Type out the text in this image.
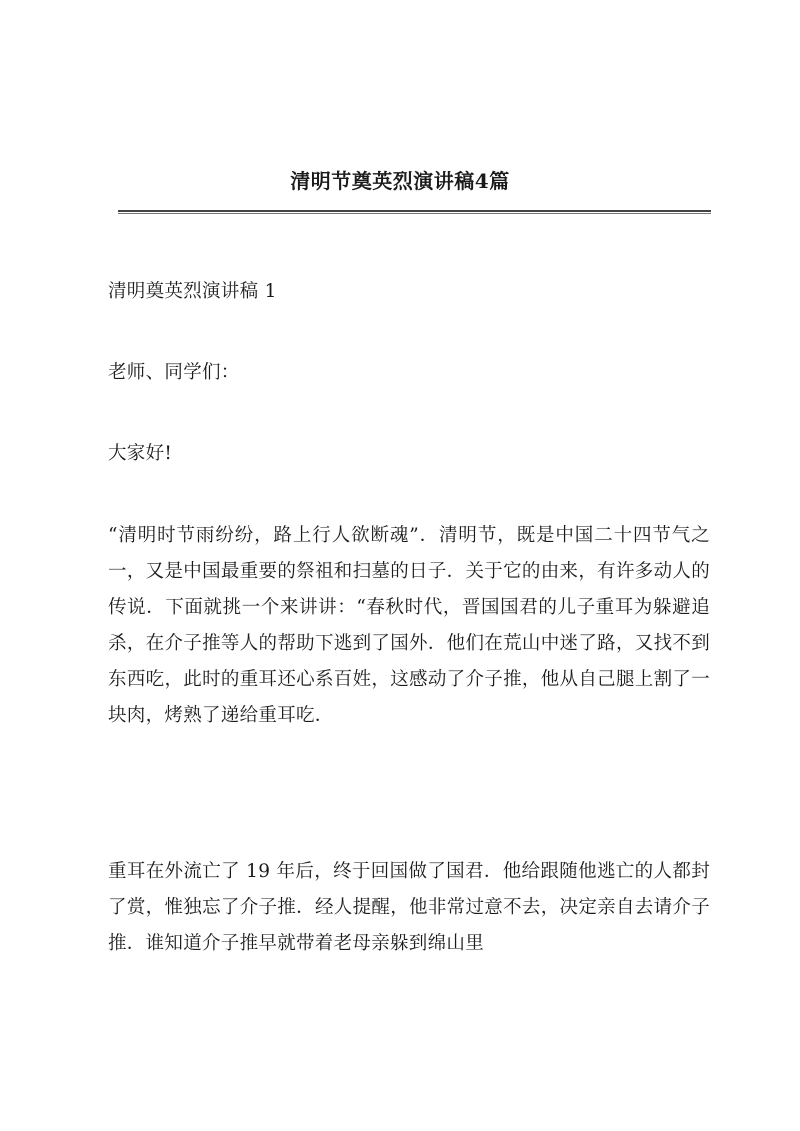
清明节奠英烈演讲稿4篇
清明奠英烈演讲稿 1
老师、同学们：
大家好!
“清明时节雨纷纷，路上行人欲断魂”．清明节，既是中国二十四节气之一，又是中国最重要的祭祖和扫墓的日子．关于它的由来，有许多动人的传说．下面就挑一个来讲讲：“春秋时代，晋国国君的儿子重耳为躲避追杀，在介子推等人的帮助下逃到了国外．他们在荒山中迷了路，又找不到东西吃，此时的重耳还心系百姓，这感动了介子推，他从自己腿上割了一块肉，烤熟了递给重耳吃．
重耳在外流亡了 19 年后，终于回国做了国君．他给跟随他逃亡的人都封了赏，惟独忘了介子推．经人提醒，他非常过意不去，决定亲自去请介子推．谁知道介子推早就带着老母亲躲到绵山里
